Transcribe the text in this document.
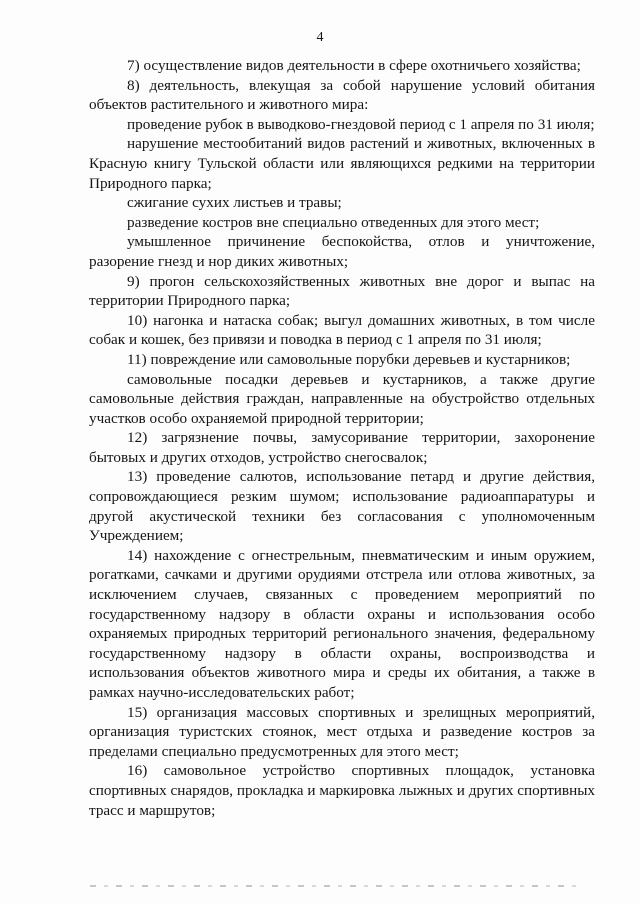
4

7) осуществление видов деятельности в сфере охотничьего хозяйства;

8) деятельность, влекущая за собой нарушение условий обитания объектов растительного и животного мира:

проведение рубок в выводково-гнездовой период с 1 апреля по 31 июля;

нарушение местообитаний видов растений и животных, включенных в Красную книгу Тульской области или являющихся редкими на территории Природного парка;

сжигание сухих листьев и травы;

разведение костров вне специально отведенных для этого мест;

умышленное причинение беспокойства, отлов и уничтожение, разорение гнезд и нор диких животных;

9) прогон сельскохозяйственных животных вне дорог и выпас на территории Природного парка;

10) нагонка и натаска собак; выгул домашних животных, в том числе собак и кошек, без привязи и поводка в период с 1 апреля по 31 июля;

11) повреждение или самовольные порубки деревьев и кустарников;

самовольные посадки деревьев и кустарников, а также другие самовольные действия граждан, направленные на обустройство отдельных участков особо охраняемой природной территории;

12) загрязнение почвы, замусоривание территории, захоронение бытовых и других отходов, устройство снегосвалок;

13) проведение салютов, использование петард и другие действия, сопровождающиеся резким шумом; использование радиоаппаратуры и другой акустической техники без согласования с уполномоченным Учреждением;

14) нахождение с огнестрельным, пневматическим и иным оружием, рогатками, сачками и другими орудиями отстрела или отлова животных, за исключением случаев, связанных с проведением мероприятий по государственному надзору в области охраны и использования особо охраняемых природных территорий регионального значения, федеральному государственному надзору в области охраны, воспроизводства и использования объектов животного мира и среды их обитания, а также в рамках научно-исследовательских работ;

15) организация массовых спортивных и зрелищных мероприятий, организация туристских стоянок, мест отдыха и разведение костров за пределами специально предусмотренных для этого мест;

16) самовольное устройство спортивных площадок, установка спортивных снарядов, прокладка и маркировка лыжных и других спортивных трасс и маршрутов;
